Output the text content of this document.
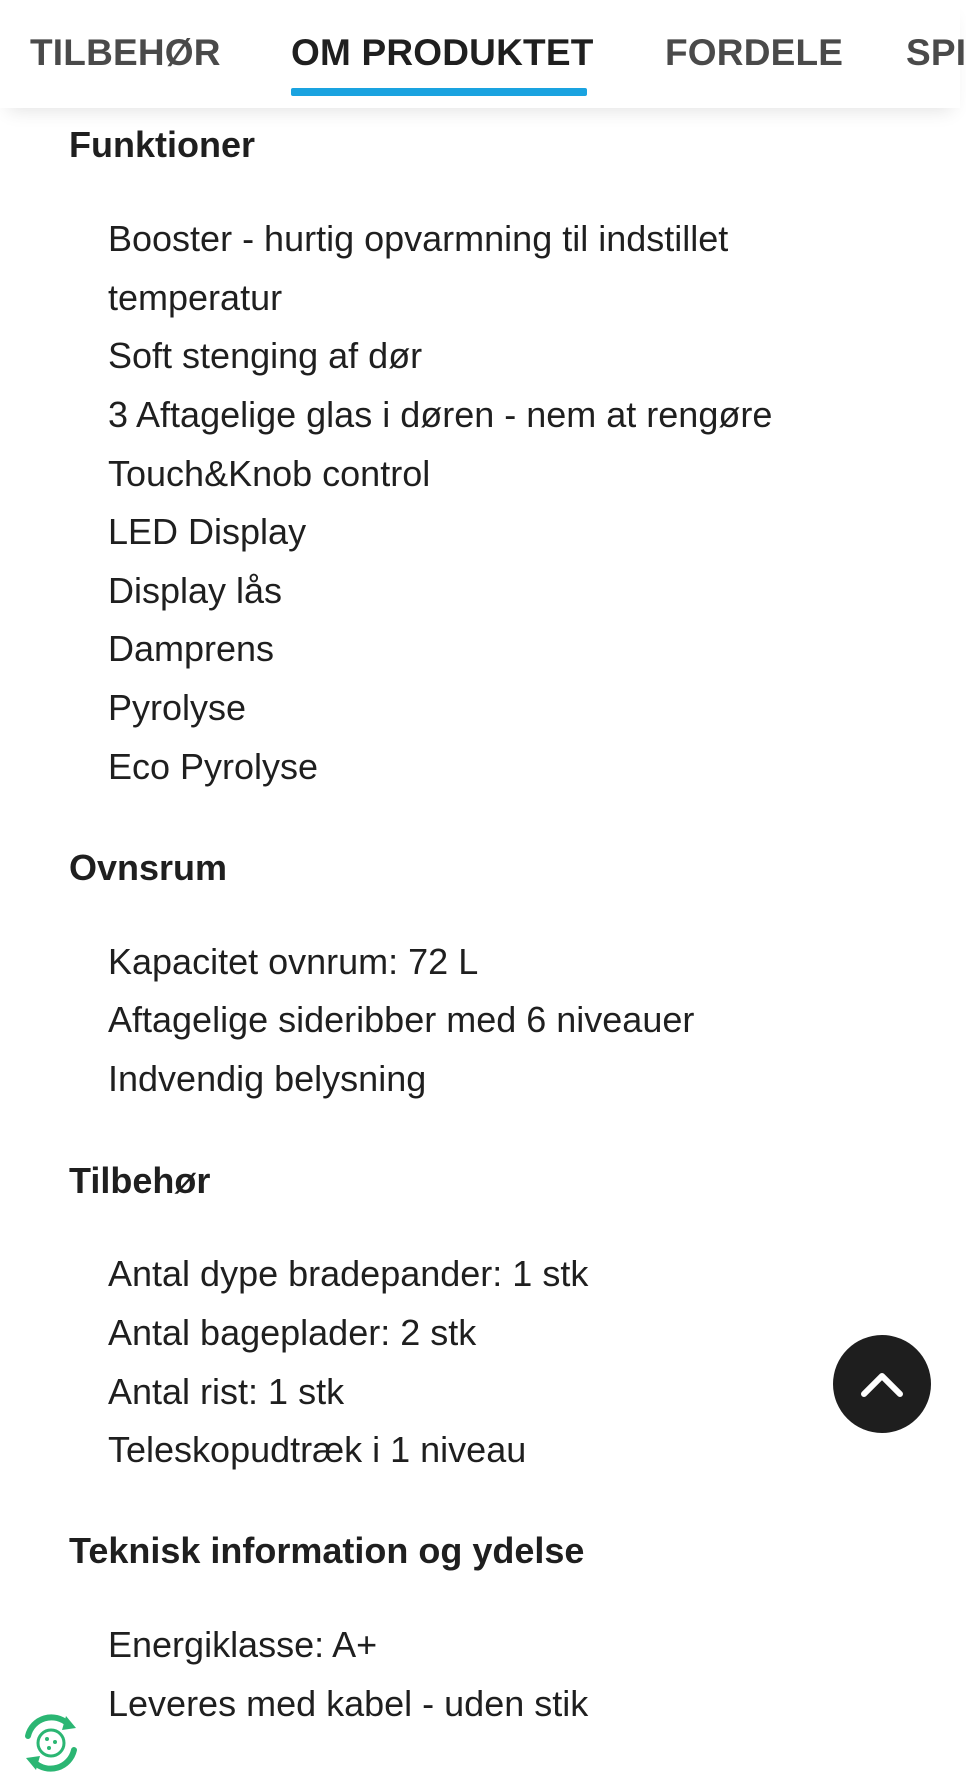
TILBEHØR OM PRODUKTET FORDELE SPI
Funktioner
Booster - hurtig opvarmning til indstillet
temperatur
Soft stenging af dør
3 Aftagelige glas i døren - nem at rengøre
Touch&Knob control
LED Display
Display lås
Damprens
Pyrolyse
Eco Pyrolyse
Ovnsrum
Kapacitet ovnrum: 72 L
Aftagelige sideribber med 6 niveauer
Indvendig belysning
Tilbehør
Antal dype bradepander: 1 stk
Antal bageplader: 2 stk
Antal rist: 1 stk
Teleskopudtræk i 1 niveau
Teknisk information og ydelse
Energiklasse: A+
Leveres med kabel - uden stik
